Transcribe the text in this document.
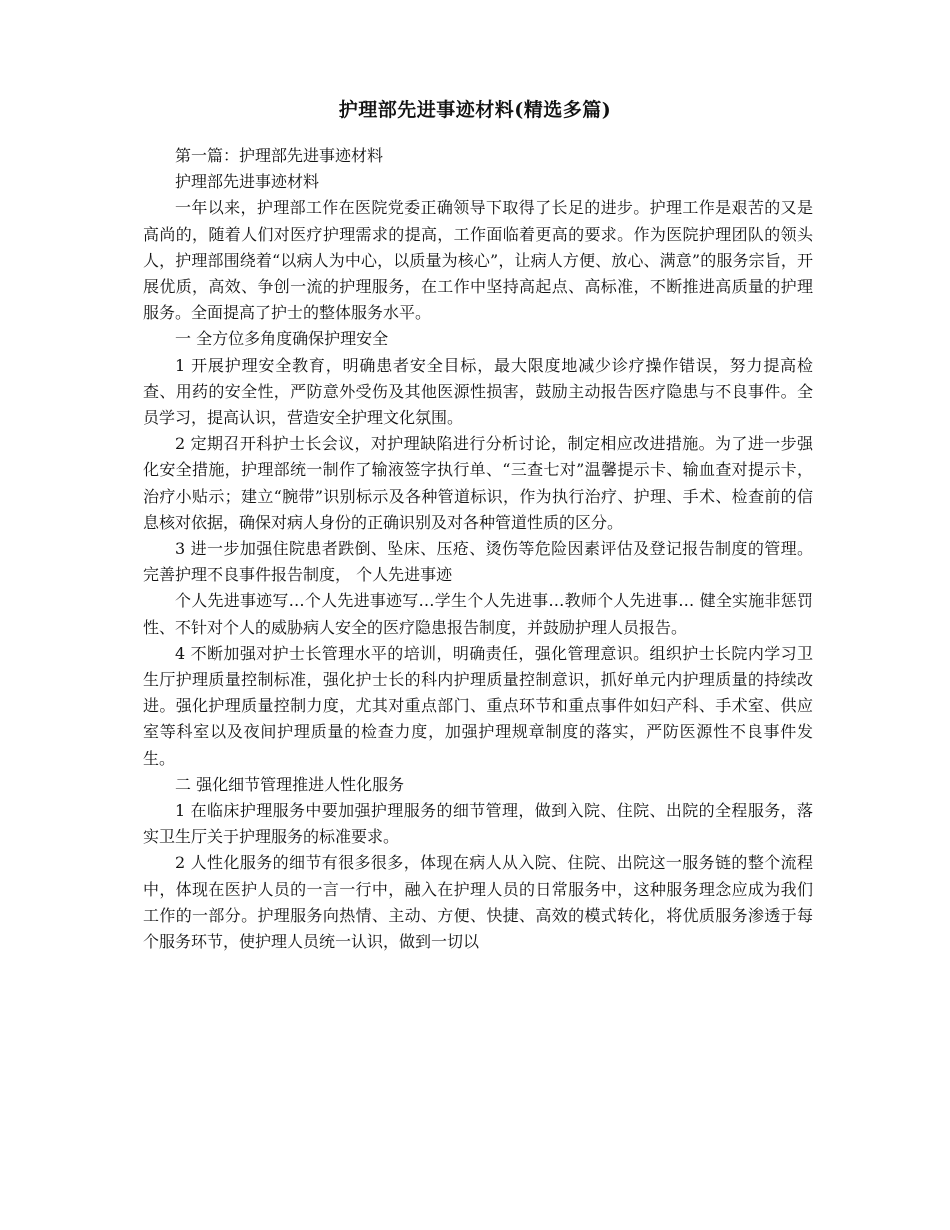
护理部先进事迹材料(精选多篇)

第一篇：护理部先进事迹材料

护理部先进事迹材料

一年以来，护理部工作在医院党委正确领导下取得了长足的进步。护理工作是艰苦的又是高尚的，随着人们对医疗护理需求的提高，工作面临着更高的要求。作为医院护理团队的领头人，护理部围绕着“以病人为中心，以质量为核心”，让病人方便、放心、满意”的服务宗旨，开展优质，高效、争创一流的护理服务，在工作中坚持高起点、高标准，不断推进高质量的护理服务。全面提高了护士的整体服务水平。

一 全方位多角度确保护理安全

1 开展护理安全教育，明确患者安全目标，最大限度地减少诊疗操作错误，努力提高检查、用药的安全性，严防意外受伤及其他医源性损害，鼓励主动报告医疗隐患与不良事件。全员学习，提高认识，营造安全护理文化氛围。

2 定期召开科护士长会议，对护理缺陷进行分析讨论，制定相应改进措施。为了进一步强化安全措施，护理部统一制作了输液签字执行单、“三查七对”温馨提示卡、输血查对提示卡，治疗小贴示；建立“腕带”识别标示及各种管道标识，作为执行治疗、护理、手术、检查前的信息核对依据，确保对病人身份的正确识别及对各种管道性质的区分。

3 进一步加强住院患者跌倒、坠床、压疮、烫伤等危险因素评估及登记报告制度的管理。完善护理不良事件报告制度， 个人先进事迹

个人先进事迹写…个人先进事迹写…学生个人先进事…教师个人先进事… 健全实施非惩罚性、不针对个人的威胁病人安全的医疗隐患报告制度，并鼓励护理人员报告。

4 不断加强对护士长管理水平的培训，明确责任，强化管理意识。组织护士长院内学习卫生厅护理质量控制标准，强化护士长的科内护理质量控制意识，抓好单元内护理质量的持续改进。强化护理质量控制力度，尤其对重点部门、重点环节和重点事件如妇产科、手术室、供应室等科室以及夜间护理质量的检查力度，加强护理规章制度的落实，严防医源性不良事件发生。

二 强化细节管理推进人性化服务

1 在临床护理服务中要加强护理服务的细节管理，做到入院、住院、出院的全程服务，落实卫生厅关于护理服务的标准要求。

2 人性化服务的细节有很多很多，体现在病人从入院、住院、出院这一服务链的整个流程中，体现在医护人员的一言一行中，融入在护理人员的日常服务中，这种服务理念应成为我们工作的一部分。护理服务向热情、主动、方便、快捷、高效的模式转化，将优质服务渗透于每个服务环节，使护理人员统一认识，做到一切以
